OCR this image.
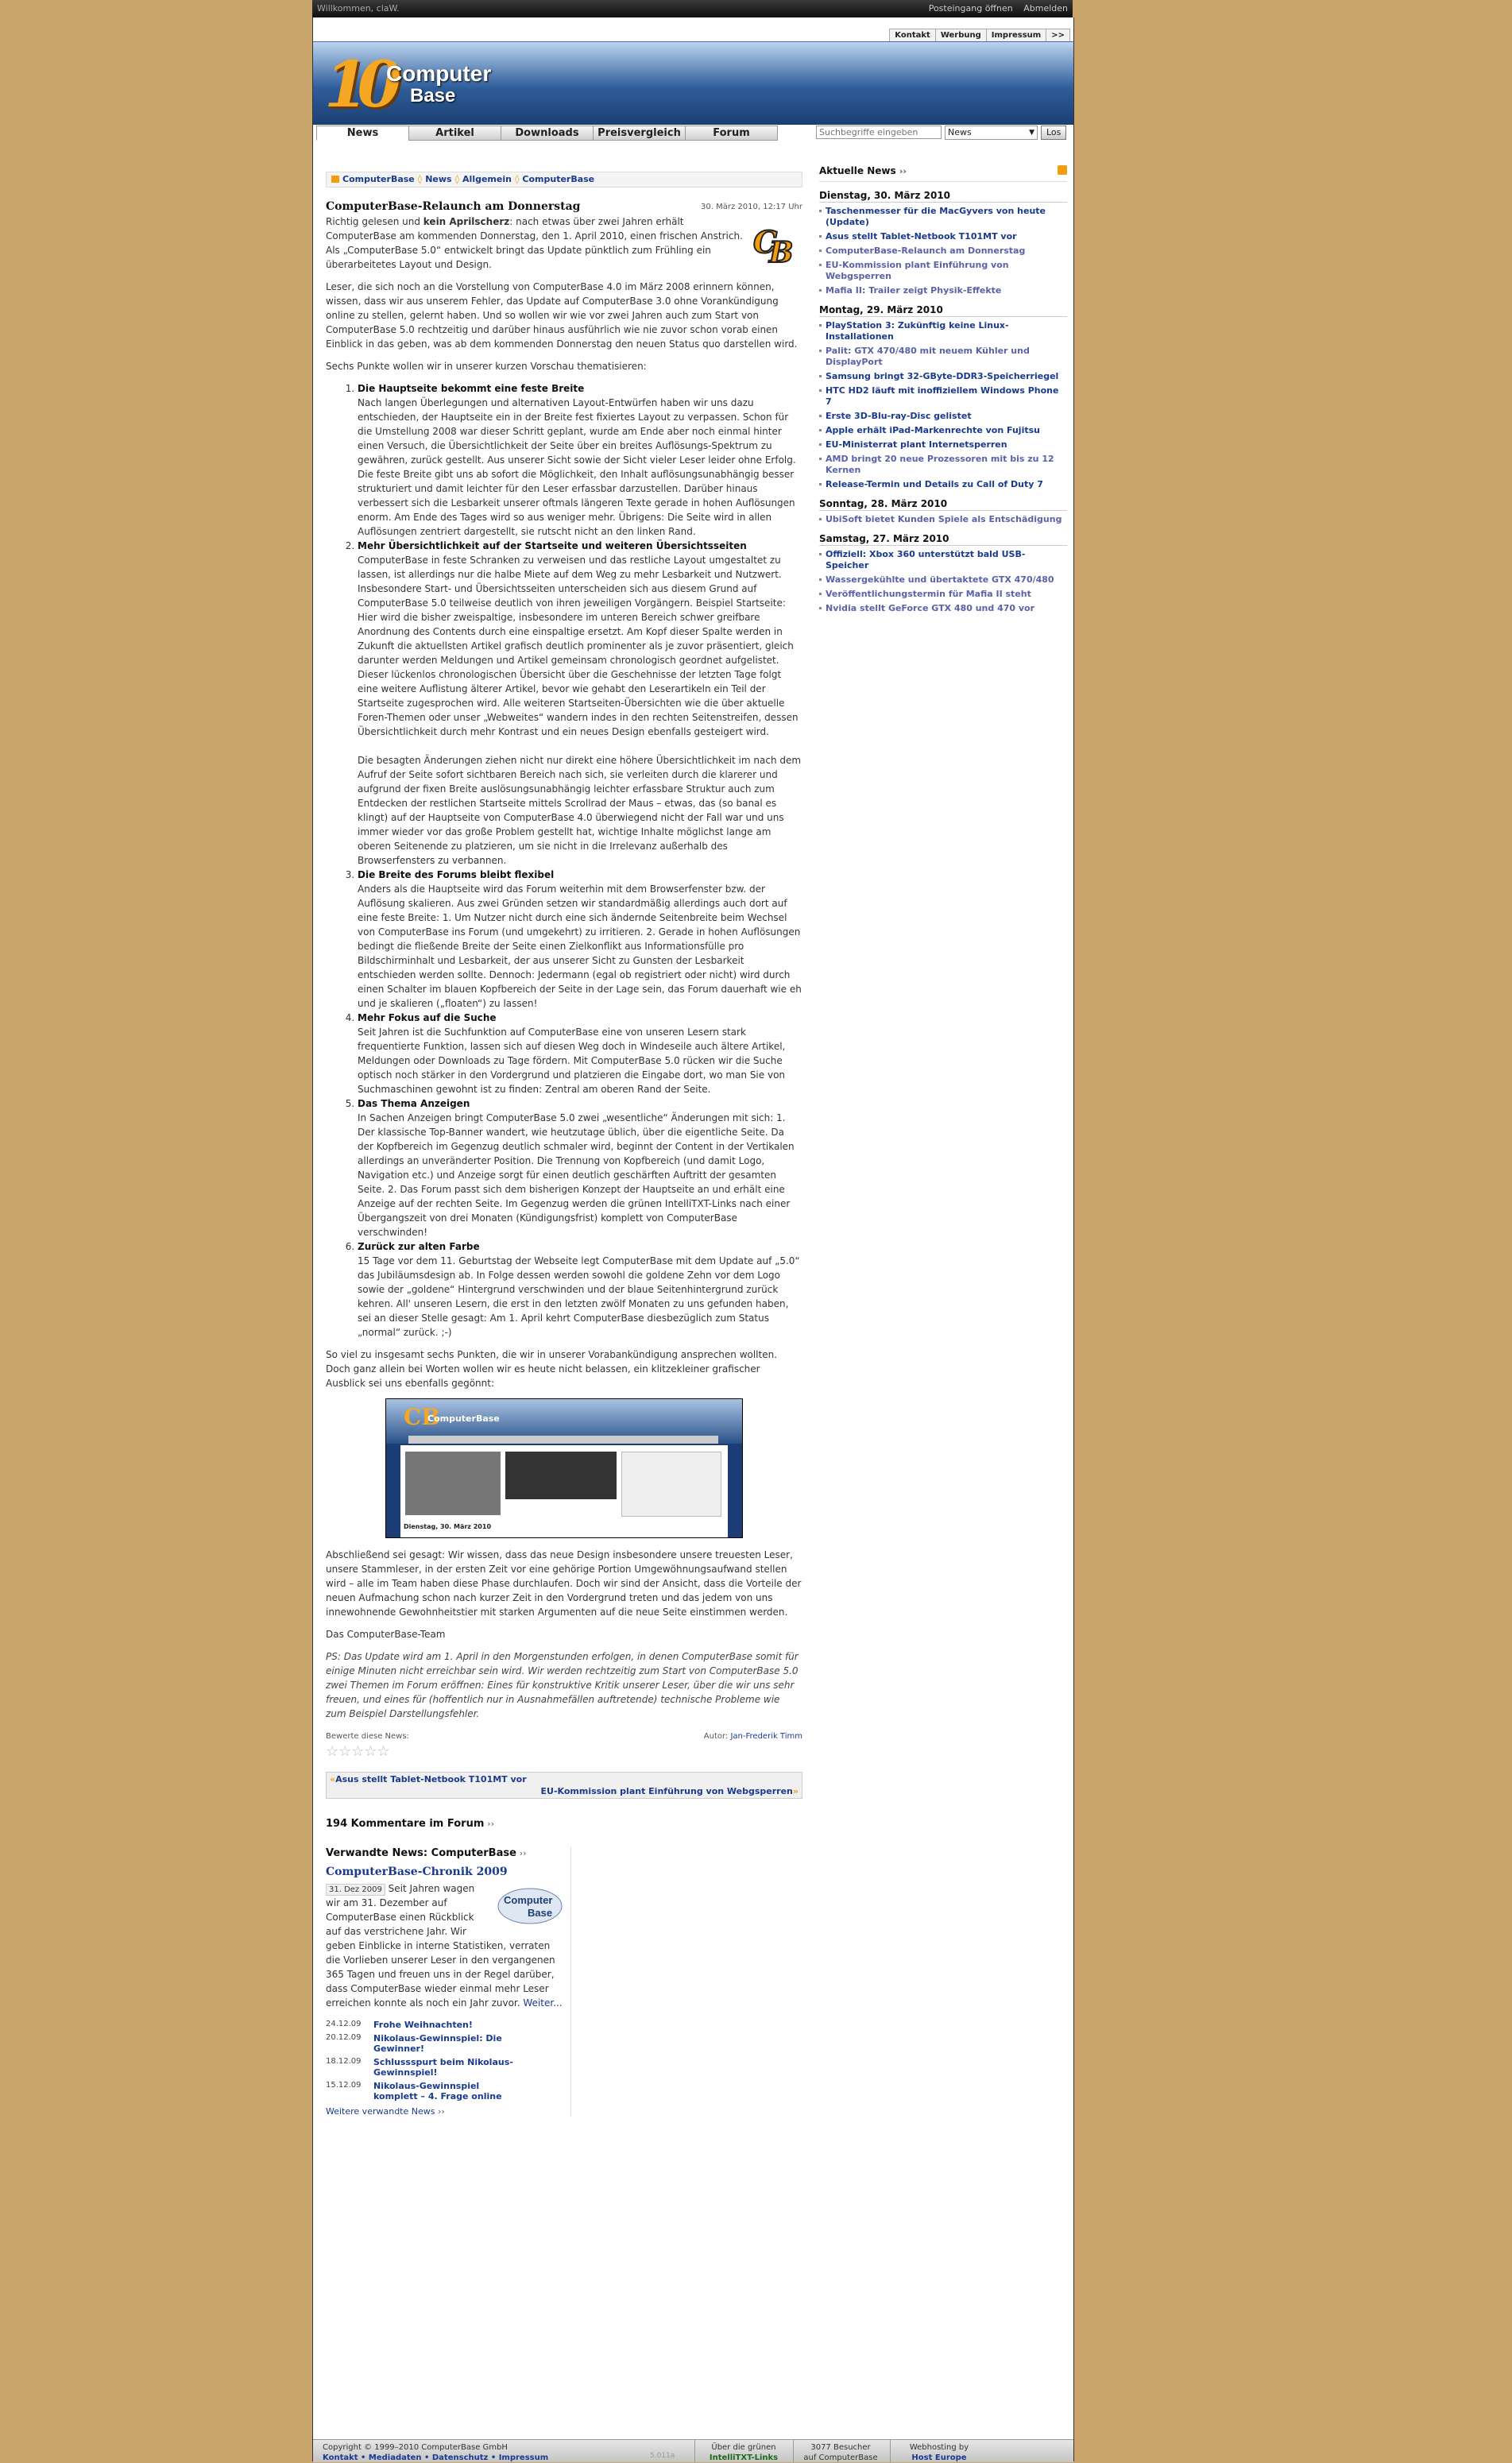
Willkommen, claW.	Posteingang öffnen Abmelden
Kontakt	Werbung	Impressum	>>
10
Computer
Base
News	Artikel	Downloads	Preisvergleich	Forum
Suchbegriffe eingeben	News	▼	Los
ComputerBase ◊ News ◊ Allgemein ◊ ComputerBase
ComputerBase-Relaunch am Donnerstag	30. März 2010, 12:17 Uhr

Richtig gelesen und kein Aprilscherz: nach etwas über zwei Jahren erhält ComputerBase am kommenden Donnerstag, den 1. April 2010, einen frischen Anstrich. Als „ComputerBase 5.0“ entwickelt bringt das Update pünktlich zum Frühling ein überarbeitetes Layout und Design.
C
B

Leser, die sich noch an die Vorstellung von ComputerBase 4.0 im März 2008 erinnern können, wissen, dass wir aus unserem Fehler, das Update auf ComputerBase 3.0 ohne Vorankündigung online zu stellen, gelernt haben. Und so wollen wir wie vor zwei Jahren auch zum Start von ComputerBase 5.0 rechtzeitig und darüber hinaus ausführlich wie nie zuvor schon vorab einen Einblick in das geben, was ab dem kommenden Donnerstag den neuen Status quo darstellen wird.

Sechs Punkte wollen wir in unserer kurzen Vorschau thematisieren:

1. Die Hauptseite bekommt eine feste Breite
Nach langen Überlegungen und alternativen Layout-Entwürfen haben wir uns dazu entschieden, der Hauptseite ein in der Breite fest fixiertes Layout zu verpassen. Schon für die Umstellung 2008 war dieser Schritt geplant, wurde am Ende aber noch einmal hinter einen Versuch, die Übersichtlichkeit der Seite über ein breites Auflösungs-Spektrum zu gewähren, zurück gestellt. Aus unserer Sicht sowie der Sicht vieler Leser leider ohne Erfolg. Die feste Breite gibt uns ab sofort die Möglichkeit, den Inhalt auflösungsunabhängig besser strukturiert und damit leichter für den Leser erfassbar darzustellen. Darüber hinaus verbessert sich die Lesbarkeit unserer oftmals längeren Texte gerade in hohen Auflösungen enorm. Am Ende des Tages wird so aus weniger mehr. Übrigens: Die Seite wird in allen Auflösungen zentriert dargestellt, sie rutscht nicht an den linken Rand.
2. Mehr Übersichtlichkeit auf der Startseite und weiteren Übersichtsseiten
ComputerBase in feste Schranken zu verweisen und das restliche Layout umgestaltet zu lassen, ist allerdings nur die halbe Miete auf dem Weg zu mehr Lesbarkeit und Nutzwert. Insbesondere Start- und Übersichtsseiten unterscheiden sich aus diesem Grund auf ComputerBase 5.0 teilweise deutlich von ihren jeweiligen Vorgängern. Beispiel Startseite: Hier wird die bisher zweispaltige, insbesondere im unteren Bereich schwer greifbare Anordnung des Contents durch eine einspaltige ersetzt. Am Kopf dieser Spalte werden in Zukunft die aktuellsten Artikel grafisch deutlich prominenter als je zuvor präsentiert, gleich darunter werden Meldungen und Artikel gemeinsam chronologisch geordnet aufgelistet. Dieser lückenlos chronologischen Übersicht über die Geschehnisse der letzten Tage folgt eine weitere Auflistung älterer Artikel, bevor wie gehabt den Leserartikeln ein Teil der Startseite zugesprochen wird. Alle weiteren Startseiten-Übersichten wie die über aktuelle Foren-Themen oder unser „Webweites“ wandern indes in den rechten Seitenstreifen, dessen Übersichtlichkeit durch mehr Kontrast und ein neues Design ebenfalls gesteigert wird.

Die besagten Änderungen ziehen nicht nur direkt eine höhere Übersichtlichkeit im nach dem Aufruf der Seite sofort sichtbaren Bereich nach sich, sie verleiten durch die klarerer und aufgrund der fixen Breite auslösungsunabhängig leichter erfassbare Struktur auch zum Entdecken der restlichen Startseite mittels Scrollrad der Maus – etwas, das (so banal es klingt) auf der Hauptseite von ComputerBase 4.0 überwiegend nicht der Fall war und uns immer wieder vor das große Problem gestellt hat, wichtige Inhalte möglichst lange am oberen Seitenende zu platzieren, um sie nicht in die Irrelevanz außerhalb des Browserfensters zu verbannen.
3. Die Breite des Forums bleibt flexibel
Anders als die Hauptseite wird das Forum weiterhin mit dem Browserfenster bzw. der Auflösung skalieren. Aus zwei Gründen setzen wir standardmäßig allerdings auch dort auf eine feste Breite: 1. Um Nutzer nicht durch eine sich ändernde Seitenbreite beim Wechsel von ComputerBase ins Forum (und umgekehrt) zu irritieren. 2. Gerade in hohen Auflösungen bedingt die fließende Breite der Seite einen Zielkonflikt aus Informationsfülle pro Bildschirminhalt und Lesbarkeit, der aus unserer Sicht zu Gunsten der Lesbarkeit entschieden werden sollte. Dennoch: Jedermann (egal ob registriert oder nicht) wird durch einen Schalter im blauen Kopfbereich der Seite in der Lage sein, das Forum dauerhaft wie eh und je skalieren („floaten“) zu lassen!
4. Mehr Fokus auf die Suche
Seit Jahren ist die Suchfunktion auf ComputerBase eine von unseren Lesern stark frequentierte Funktion, lassen sich auf diesen Weg doch in Windeseile auch ältere Artikel, Meldungen oder Downloads zu Tage fördern. Mit ComputerBase 5.0 rücken wir die Suche optisch noch stärker in den Vordergrund und platzieren die Eingabe dort, wo man Sie von Suchmaschinen gewohnt ist zu finden: Zentral am oberen Rand der Seite.
5. Das Thema Anzeigen
In Sachen Anzeigen bringt ComputerBase 5.0 zwei „wesentliche“ Änderungen mit sich: 1. Der klassische Top-Banner wandert, wie heutzutage üblich, über die eigentliche Seite. Da der Kopfbereich im Gegenzug deutlich schmaler wird, beginnt der Content in der Vertikalen allerdings an unveränderter Position. Die Trennung von Kopfbereich (und damit Logo, Navigation etc.) und Anzeige sorgt für einen deutlich geschärften Auftritt der gesamten Seite. 2. Das Forum passt sich dem bisherigen Konzept der Hauptseite an und erhält eine Anzeige auf der rechten Seite. Im Gegenzug werden die grünen IntelliTXT-Links nach einer Übergangszeit von drei Monaten (Kündigungsfrist) komplett von ComputerBase verschwinden!
6. Zurück zur alten Farbe
15 Tage vor dem 11. Geburtstag der Webseite legt ComputerBase mit dem Update auf „5.0“ das Jubiläumsdesign ab. In Folge dessen werden sowohl die goldene Zehn vor dem Logo sowie der „goldene“ Hintergrund verschwinden und der blaue Seitenhintergrund zurück kehren. All' unseren Lesern, die erst in den letzten zwölf Monaten zu uns gefunden haben, sei an dieser Stelle gesagt: Am 1. April kehrt ComputerBase diesbezüglich zum Status „normal“ zurück. ;-)

So viel zu insgesamt sechs Punkten, die wir in unserer Vorabankündigung ansprechen wollten. Doch ganz allein bei Worten wollen wir es heute nicht belassen, ein klitzekleiner grafischer Ausblick sei uns ebenfalls gegönnt:

CB
ComputerBase
Dienstag, 30. März 2010

Abschließend sei gesagt: Wir wissen, dass das neue Design insbesondere unsere treuesten Leser, unsere Stammleser, in der ersten Zeit vor eine gehörige Portion Umgewöhnungsaufwand stellen wird – alle im Team haben diese Phase durchlaufen. Doch wir sind der Ansicht, dass die Vorteile der neuen Aufmachung schon nach kurzer Zeit in den Vordergrund treten und das jedem von uns innewohnende Gewohnheitstier mit starken Argumenten auf die neue Seite einstimmen werden.

Das ComputerBase-Team

PS: Das Update wird am 1. April in den Morgenstunden erfolgen, in denen ComputerBase somit für einige Minuten nicht erreichbar sein wird. Wir werden rechtzeitig zum Start von ComputerBase 5.0 zwei Themen im Forum eröffnen: Eines für konstruktive Kritik unserer Leser, über die wir uns sehr freuen, und eines für (hoffentlich nur in Ausnahmefällen auftretende) technische Probleme wie zum Beispiel Darstellungsfehler.

Bewerte diese News:
☆☆☆☆☆
Autor: Jan-Frederik Timm
«Asus stellt Tablet-Netbook T101MT vor
EU-Kommission plant Einführung von Webgsperren»
194 Kommentare im Forum ››
Verwandte News: ComputerBase ››
ComputerBase-Chronik 2009
Computer
Base
31. Dez 2009 Seit Jahren wagen wir am 31. Dezember auf ComputerBase einen Rückblick auf das verstrichene Jahr. Wir geben Einblicke in interne Statistiken, verraten die Vorlieben unserer Leser in den vergangenen 365 Tagen und freuen uns in der Regel darüber, dass ComputerBase wieder einmal mehr Leser erreichen konnte als noch ein Jahr zuvor. Weiter...
24.12.09	Frohe Weihnachten!
20.12.09	Nikolaus-Gewinnspiel: Die Gewinner!
18.12.09	Schlussspurt beim Nikolaus-Gewinnspiel!
15.12.09	Nikolaus-Gewinnspiel komplett – 4. Frage online
Weitere verwandte News ››
Aktuelle News ››
Dienstag, 30. März 2010
Taschenmesser für die MacGyvers von heute (Update)
Asus stellt Tablet-Netbook T101MT vor
ComputerBase-Relaunch am Donnerstag
EU-Kommission plant Einführung von Webgsperren
Mafia II: Trailer zeigt Physik-Effekte
Montag, 29. März 2010
PlayStation 3: Zukünftig keine Linux-Installationen
Palit: GTX 470/480 mit neuem Kühler und DisplayPort
Samsung bringt 32-GByte-DDR3-Speicherriegel
HTC HD2 läuft mit inoffiziellem Windows Phone 7
Erste 3D-Blu-ray-Disc gelistet
Apple erhält iPad-Markenrechte von Fujitsu
EU-Ministerrat plant Internetsperren
AMD bringt 20 neue Prozessoren mit bis zu 12 Kernen
Release-Termin und Details zu Call of Duty 7
Sonntag, 28. März 2010
UbiSoft bietet Kunden Spiele als Entschädigung
Samstag, 27. März 2010
Offiziell: Xbox 360 unterstützt bald USB-Speicher
Wassergekühlte und übertaktete GTX 470/480
Veröffentlichungstermin für Mafia II steht
Nvidia stellt GeForce GTX 480 und 470 vor
Copyright © 1999–2010 ComputerBase GmbH
Kontakt • Mediadaten • Datenschutz • Impressum	5.011a
Über die grünen
IntelliTXT-Links
3077 Besucher
auf ComputerBase
Webhosting by
Host Europe
